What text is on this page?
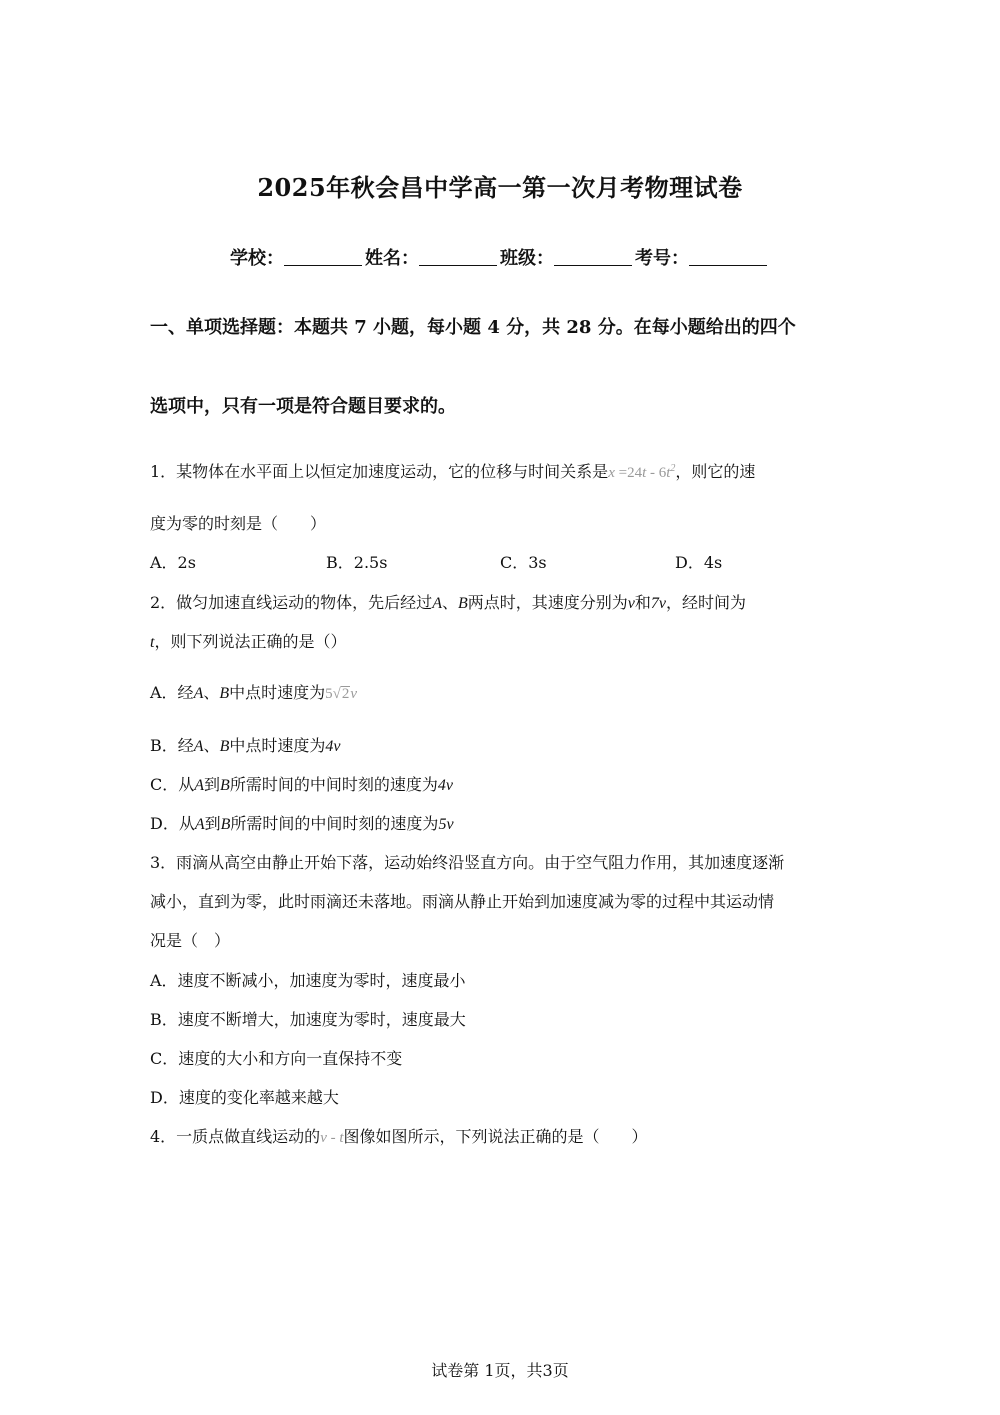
2025年秋会昌中学高一第一次月考物理试卷
学校：	姓名：	班级：	考号：
一、单项选择题：本题共 7 小题，每小题 4 分，共 28 分。在每小题给出的四个
选项中，只有一项是符合题目要求的。
1．某物体在水平面上以恒定加速度运动，它的位移与时间关系是$x =24t - 6t^2$，则它的速
度为零的时刻是（　　）
A．2s	B．2.5s	C．3s	D．4s
2．做匀加速直线运动的物体，先后经过A、B两点时，其速度分别为v和7v，经时间为
t，则下列说法正确的是（）
A．经A、B中点时速度为5√2v
B．经A、B中点时速度为4v
C．从A到B所需时间的中间时刻的速度为4v
D．从A到B所需时间的中间时刻的速度为5v
3．雨滴从高空由静止开始下落，运动始终沿竖直方向。由于空气阻力作用，其加速度逐渐
减小，直到为零，此时雨滴还未落地。雨滴从静止开始到加速度减为零的过程中其运动情
况是（　）
A．速度不断减小，加速度为零时，速度最小
B．速度不断增大，加速度为零时，速度最大
C．速度的大小和方向一直保持不变
D．速度的变化率越来越大
4．一质点做直线运动的v - t图像如图所示，下列说法正确的是（　　）
试卷第 1页，共3页
